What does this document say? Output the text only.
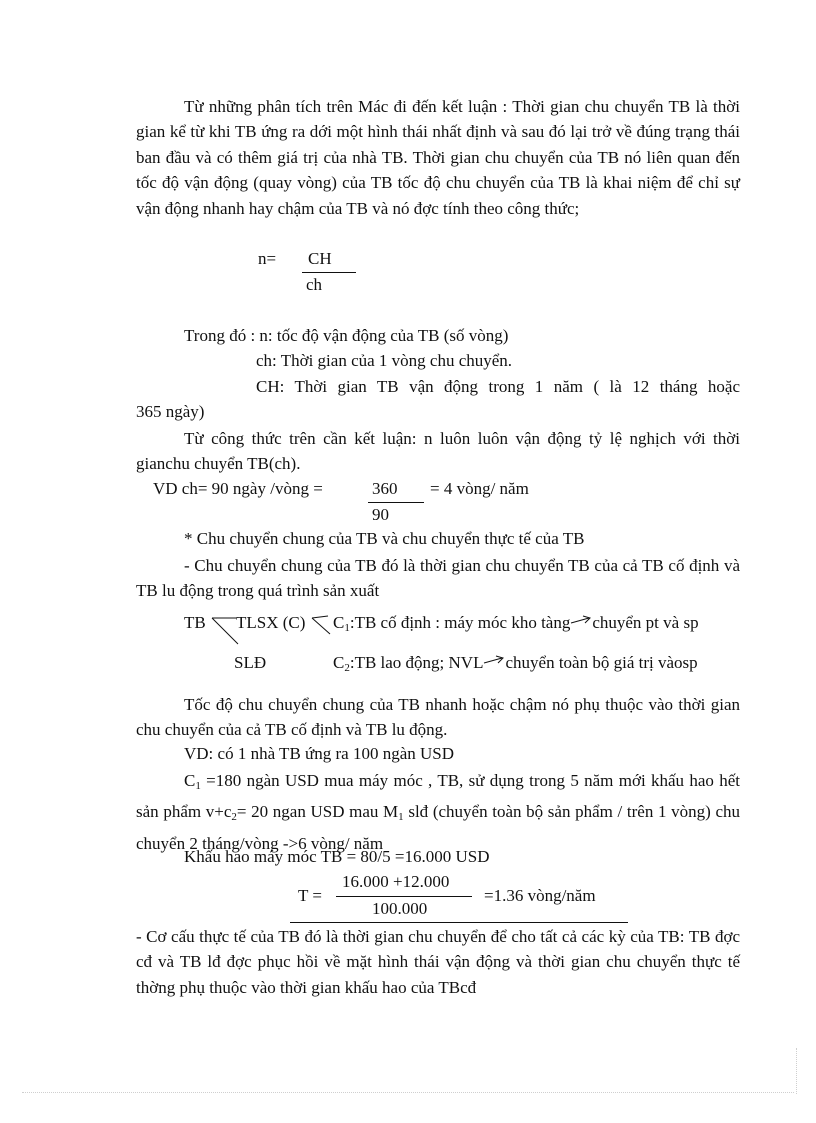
Từ những phân tích trên Mác đi đến kết luận : Thời gian chu chuyển TB là thời gian kể từ khi TB ứng ra dới một hình thái nhất định và sau đó lại trở về đúng trạng thái ban đầu và có thêm giá trị của nhà TB. Thời gian chu chuyển của TB nó liên quan đến tốc độ vận động (quay vòng) của TB tốc độ chu chuyển của TB là khai niệm để chỉ sự vận động nhanh hay chậm của TB và nó đợc tính theo công thức;

n= CH
ch
Trong đó : n: tốc độ vận động của TB (số vòng)
ch: Thời gian của 1 vòng chu chuyển.
CH: Thời gian TB vận động trong 1 năm ( là 12 tháng hoặc
365 ngày)

Từ công thức trên cần kết luận: n luôn luôn vận động tỷ lệ nghịch với thời gianchu chuyển TB(ch).

VD ch= 90 ngày /vòng =	360
90
= 4 vòng/ năm
* Chu chuyển chung của TB và chu chuyển thực tế của TB

- Chu chuyển chung của TB đó là thời gian chu chuyển TB của cả TB cố định và TB lu động trong quá trình sản xuất

TB TLSX (C) $C_1:TB$ cố định : máy móc kho tàng chuyển pt và sp
SLĐ	$C_2:TB$ lao động; NVL chuyển toàn bộ giá trị vàosp

Tốc độ chu chuyển chung của TB nhanh hoặc chậm nó phụ thuộc vào thời gian chu chuyển của cả TB cố định và TB lu động.

VD: có 1 nhà TB ứng ra 100 ngàn USD

$C_1 =180$ ngàn USD mua máy móc , TB, sử dụng trong 5 năm mới khấu hao hết sản phẩm $v+c_2= 20$ ngan USD mau $M_1$ slđ (chuyển toàn bộ sản phẩm / trên 1 vòng) chu chuyển 2 tháng/vòng ->6 vòng/ năm

Khấu hao máy móc TB = 80/5 =16.000 USD
T =
16.000 +12.000
100.000
=1.36 vòng/năm

- Cơ cấu thực tế của TB đó là thời gian chu chuyển để cho tất cả các kỳ của TB: TB đợc cđ và TB lđ đợc phục hồi về mặt hình thái vận động và thời gian chu chuyển thực tế thờng phụ thuộc vào thời gian khấu hao của TBcđ
